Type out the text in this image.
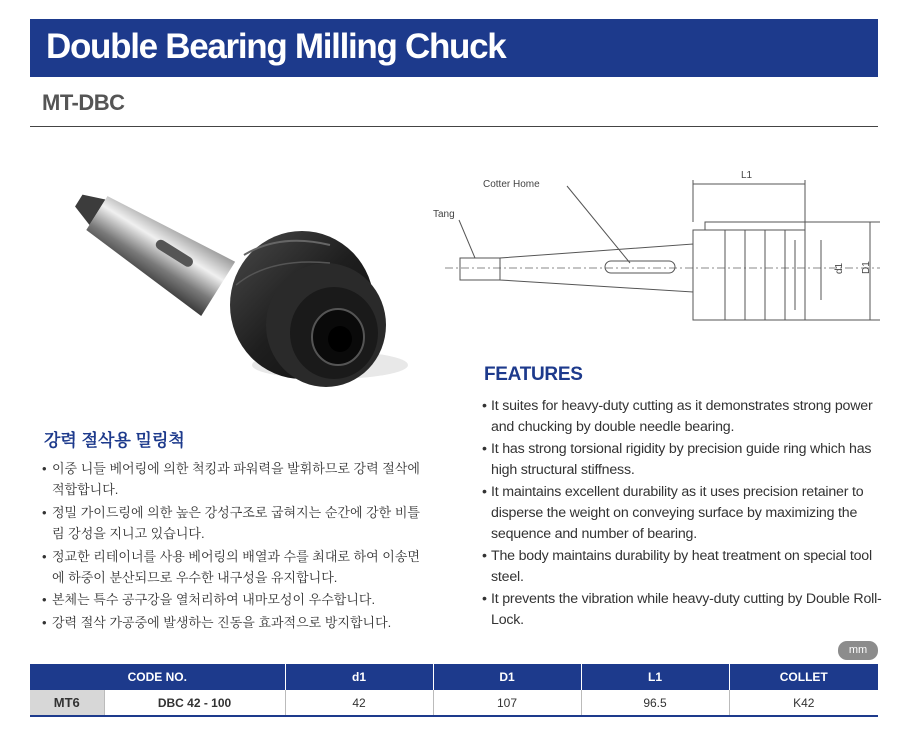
Double Bearing Milling Chuck
MT-DBC
Cotter Home
Tang
L1
d1 D1
FEATURES
• It suites for heavy-duty cutting as it demonstrates strong power and chucking by double needle bearing.
• It has strong torsional rigidity by precision guide ring which has high structural stiffness.
• It maintains excellent durability as it uses precision retainer to disperse the weight on conveying surface by maximizing the sequence and number of bearing.
• The body maintains durability by heat treatment on special tool steel.
• It prevents the vibration while heavy-duty cutting by Double Roll-Lock.
강력 절삭용 밀링척
• 이중 니들 베어링에 의한 척킹과 파워력을 발휘하므로 강력 절삭에 적합합니다.
• 정밀 가이드링에 의한 높은 강성구조로 굽혀지는 순간에 강한 비틀림 강성을 지니고 있습니다.
• 정교한 리테이너를 사용 베어링의 배열과 수를 최대로 하여 이송면에 하중이 분산되므로 우수한 내구성을 유지합니다.
• 본체는 특수 공구강을 열처리하여 내마모성이 우수합니다.
• 강력 절삭 가공중에 발생하는 진동을 효과적으로 방지합니다.
mm
CODE NO.		d1	D1	L1	COLLET
MT6	DBC 42 - 100	42	107	96.5	K42
